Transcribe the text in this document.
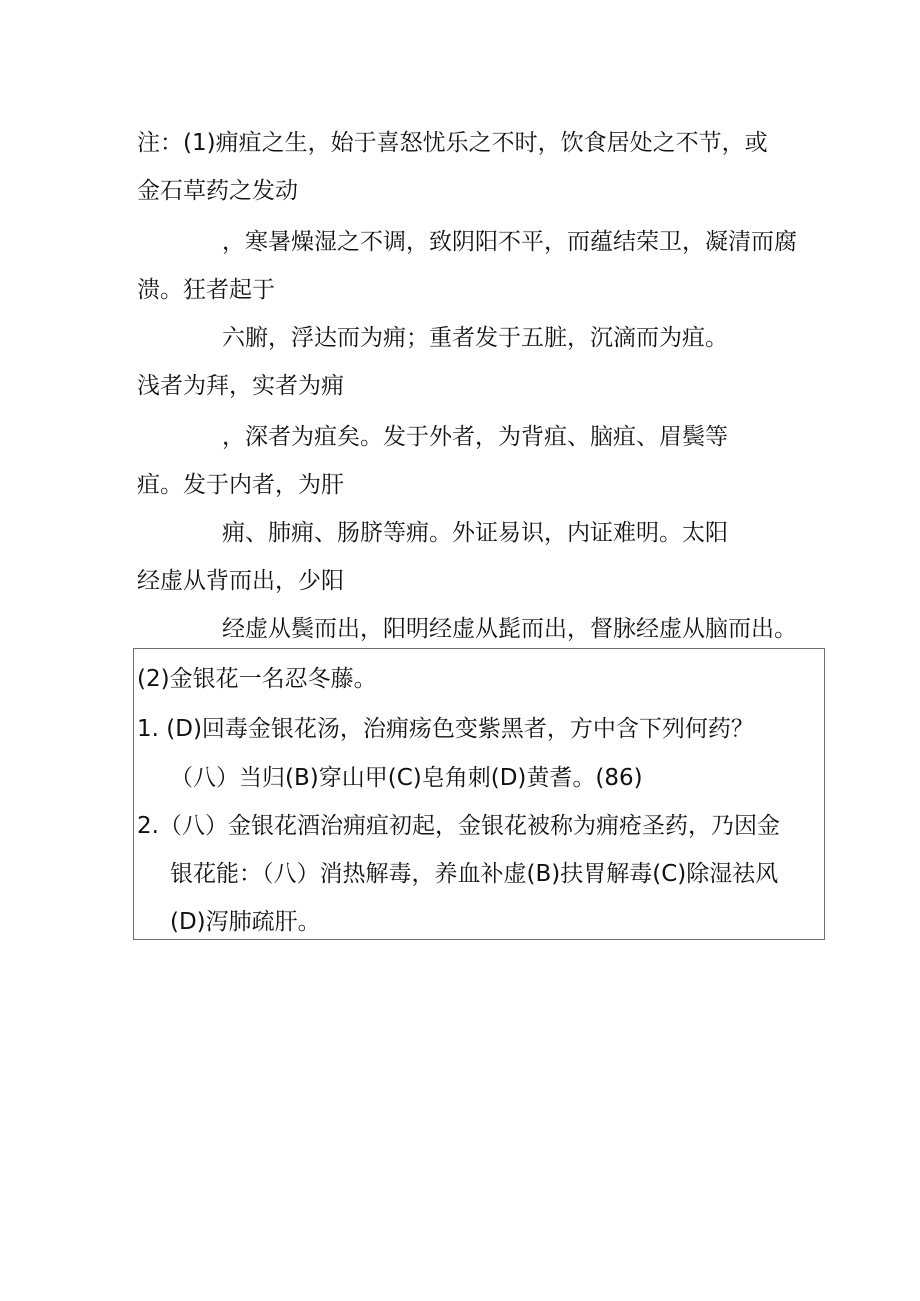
注：(1)痈疽之生，始于喜怒忧乐之不时，饮食居处之不节，或
金石草药之发动
，寒暑燥湿之不调，致阴阳不平，而蕴结荣卫，凝清而腐
溃。狂者起于
六腑，浮达而为痈；重者发于五脏，沉滴而为疽。
浅者为拜，实者为痈
，深者为疽矣。发于外者，为背疽、脑疽、眉鬓等
疽。发于内者，为肝
痈、肺痈、肠脐等痈。外证易识，内证难明。太阳
经虚从背而出，少阳
经虚从鬓而出，阳明经虚从髭而出，督脉经虚从脑而出。
(2)金银花一名忍冬藤。
1. (D)回毒金银花汤，治痈疡色变紫黑者，方中含下列何药？
（八）当归(B)穿山甲(C)皂角刺(D)黄耆。(86)
2.（八）金银花酒治痈疽初起，金银花被称为痈疮圣药，乃因金
银花能：（八）消热解毒，养血补虚(B)扶胃解毒(C)除湿祛风
(D)泻肺疏肝。
